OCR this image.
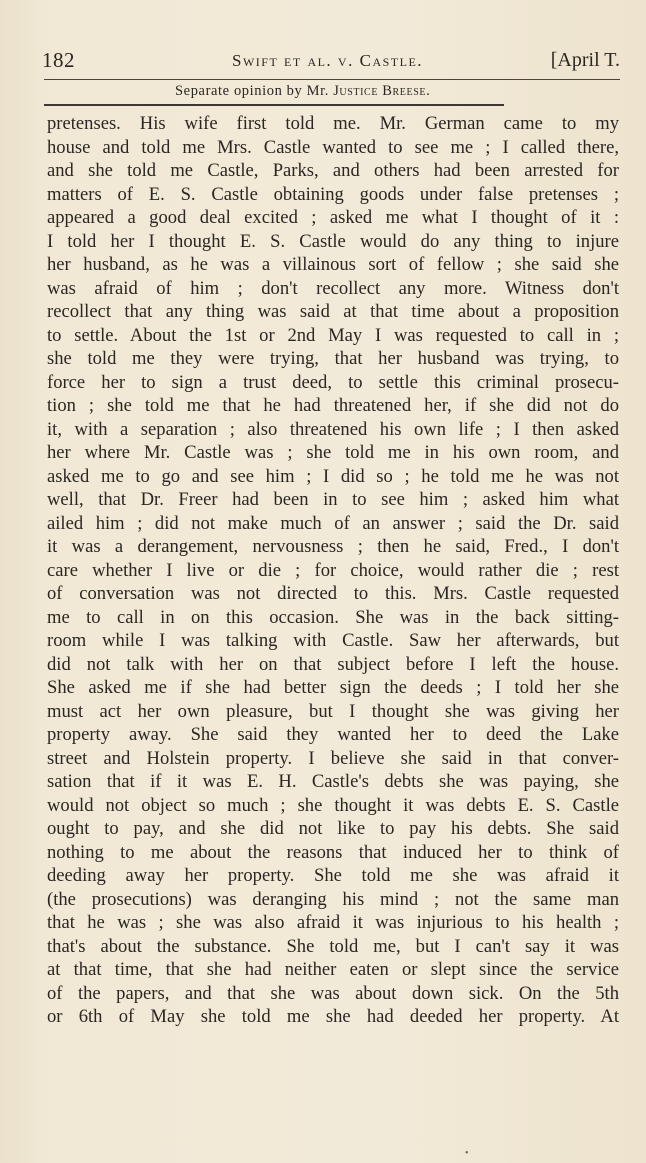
182	Swift et al. v. Castle.	[April T.
Separate opinion by Mr. Justice Breese.
pretenses. His wife first told me. Mr. German came to my
house and told me Mrs. Castle wanted to see me ; I called there,
and she told me Castle, Parks, and others had been arrested for
matters of E. S. Castle obtaining goods under false pretenses ;
appeared a good deal excited ; asked me what I thought of it :
I told her I thought E. S. Castle would do any thing to injure
her husband, as he was a villainous sort of fellow ; she said she
was afraid of him ; don't recollect any more. Witness don't
recollect that any thing was said at that time about a proposition
to settle. About the 1st or 2nd May I was requested to call in ;
she told me they were trying, that her husband was trying, to
force her to sign a trust deed, to settle this criminal prosecu-
tion ; she told me that he had threatened her, if she did not do
it, with a separation ; also threatened his own life ; I then asked
her where Mr. Castle was ; she told me in his own room, and
asked me to go and see him ; I did so ; he told me he was not
well, that Dr. Freer had been in to see him ; asked him what
ailed him ; did not make much of an answer ; said the Dr. said
it was a derangement, nervousness ; then he said, Fred., I don't
care whether I live or die ; for choice, would rather die ; rest
of conversation was not directed to this. Mrs. Castle requested
me to call in on this occasion. She was in the back sitting-
room while I was talking with Castle. Saw her afterwards, but
did not talk with her on that subject before I left the house.
She asked me if she had better sign the deeds ; I told her she
must act her own pleasure, but I thought she was giving her
property away. She said they wanted her to deed the Lake
street and Holstein property. I believe she said in that conver-
sation that if it was E. H. Castle's debts she was paying, she
would not object so much ; she thought it was debts E. S. Castle
ought to pay, and she did not like to pay his debts. She said
nothing to me about the reasons that induced her to think of
deeding away her property. She told me she was afraid it
(the prosecutions) was deranging his mind ; not the same man
that he was ; she was also afraid it was injurious to his health ;
that's about the substance. She told me, but I can't say it was
at that time, that she had neither eaten or slept since the service
of the papers, and that she was about down sick. On the 5th
or 6th of May she told me she had deeded her property. At
•
